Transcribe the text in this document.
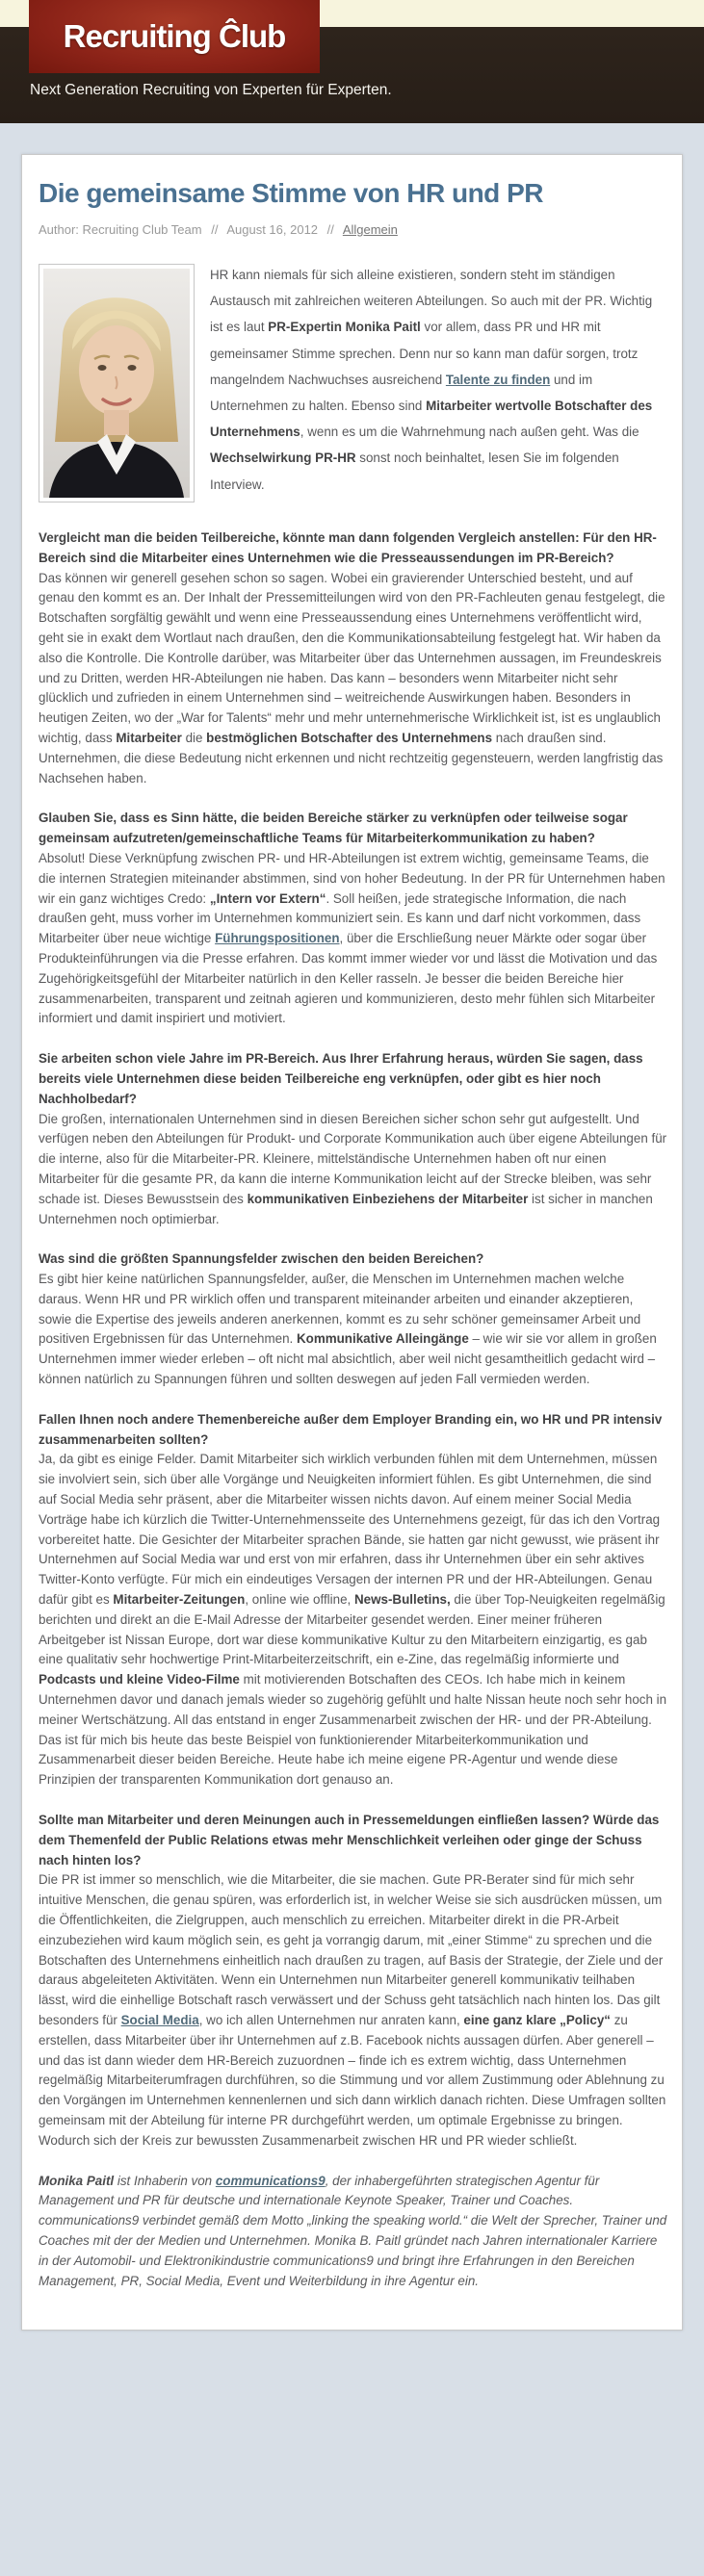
Recruiting Ĉlub
Next Generation Recruiting von Experten für Experten.
Die gemeinsame Stimme von HR und PR
Author: Recruiting Club Team // August 16, 2012 // Allgemein

HR kann niemals für sich alleine existieren, sondern steht im ständigen Austausch mit zahlreichen weiteren Abteilungen. So auch mit der PR. Wichtig ist es laut PR-Expertin Monika Paitl vor allem, dass PR und HR mit gemeinsamer Stimme sprechen. Denn nur so kann man dafür sorgen, trotz mangelndem Nachwuchses ausreichend Talente zu finden und im Unternehmen zu halten. Ebenso sind Mitarbeiter wertvolle Botschafter des Unternehmens, wenn es um die Wahrnehmung nach außen geht. Was die Wechselwirkung PR-HR sonst noch beinhaltet, lesen Sie im folgenden Interview.

Vergleicht man die beiden Teilbereiche, könnte man dann folgenden Vergleich anstellen: Für den HR-Bereich sind die Mitarbeiter eines Unternehmen wie die Presseaussendungen im PR-Bereich?

Das können wir generell gesehen schon so sagen. Wobei ein gravierender Unterschied besteht, und auf genau den kommt es an. Der Inhalt der Pressemitteilungen wird von den PR-Fachleuten genau festgelegt, die Botschaften sorgfältig gewählt und wenn eine Presseaussendung eines Unternehmens veröffentlicht wird, geht sie in exakt dem Wortlaut nach draußen, den die Kommunikationsabteilung festgelegt hat. Wir haben da also die Kontrolle. Die Kontrolle darüber, was Mitarbeiter über das Unternehmen aussagen, im Freundeskreis und zu Dritten, werden HR-Abteilungen nie haben. Das kann – besonders wenn Mitarbeiter nicht sehr glücklich und zufrieden in einem Unternehmen sind – weitreichende Auswirkungen haben. Besonders in heutigen Zeiten, wo der „War for Talents“ mehr und mehr unternehmerische Wirklichkeit ist, ist es unglaublich wichtig, dass Mitarbeiter die bestmöglichen Botschafter des Unternehmens nach draußen sind. Unternehmen, die diese Bedeutung nicht erkennen und nicht rechtzeitig gegensteuern, werden langfristig das Nachsehen haben.

Glauben Sie, dass es Sinn hätte, die beiden Bereiche stärker zu verknüpfen oder teilweise sogar gemeinsam aufzutreten/gemeinschaftliche Teams für Mitarbeiterkommunikation zu haben?

Absolut! Diese Verknüpfung zwischen PR- und HR-Abteilungen ist extrem wichtig, gemeinsame Teams, die die internen Strategien miteinander abstimmen, sind von hoher Bedeutung. In der PR für Unternehmen haben wir ein ganz wichtiges Credo: „Intern vor Extern“. Soll heißen, jede strategische Information, die nach draußen geht, muss vorher im Unternehmen kommuniziert sein. Es kann und darf nicht vorkommen, dass Mitarbeiter über neue wichtige Führungspositionen, über die Erschließung neuer Märkte oder sogar über Produkteinführungen via die Presse erfahren. Das kommt immer wieder vor und lässt die Motivation und das Zugehörigkeitsgefühl der Mitarbeiter natürlich in den Keller rasseln. Je besser die beiden Bereiche hier zusammenarbeiten, transparent und zeitnah agieren und kommunizieren, desto mehr fühlen sich Mitarbeiter informiert und damit inspiriert und motiviert.

Sie arbeiten schon viele Jahre im PR-Bereich. Aus Ihrer Erfahrung heraus, würden Sie sagen, dass bereits viele Unternehmen diese beiden Teilbereiche eng verknüpfen, oder gibt es hier noch Nachholbedarf?

Die großen, internationalen Unternehmen sind in diesen Bereichen sicher schon sehr gut aufgestellt. Und verfügen neben den Abteilungen für Produkt- und Corporate Kommunikation auch über eigene Abteilungen für die interne, also für die Mitarbeiter-PR. Kleinere, mittelständische Unternehmen haben oft nur einen Mitarbeiter für die gesamte PR, da kann die interne Kommunikation leicht auf der Strecke bleiben, was sehr schade ist. Dieses Bewusstsein des kommunikativen Einbeziehens der Mitarbeiter ist sicher in manchen Unternehmen noch optimierbar.

Was sind die größten Spannungsfelder zwischen den beiden Bereichen?

Es gibt hier keine natürlichen Spannungsfelder, außer, die Menschen im Unternehmen machen welche daraus. Wenn HR und PR wirklich offen und transparent miteinander arbeiten und einander akzeptieren, sowie die Expertise des jeweils anderen anerkennen, kommt es zu sehr schöner gemeinsamer Arbeit und positiven Ergebnissen für das Unternehmen. Kommunikative Alleingänge – wie wir sie vor allem in großen Unternehmen immer wieder erleben – oft nicht mal absichtlich, aber weil nicht gesamtheitlich gedacht wird – können natürlich zu Spannungen führen und sollten deswegen auf jeden Fall vermieden werden.

Fallen Ihnen noch andere Themenbereiche außer dem Employer Branding ein, wo HR und PR intensiv zusammenarbeiten sollten?

Ja, da gibt es einige Felder. Damit Mitarbeiter sich wirklich verbunden fühlen mit dem Unternehmen, müssen sie involviert sein, sich über alle Vorgänge und Neuigkeiten informiert fühlen. Es gibt Unternehmen, die sind auf Social Media sehr präsent, aber die Mitarbeiter wissen nichts davon. Auf einem meiner Social Media Vorträge habe ich kürzlich die Twitter-Unternehmensseite des Unternehmens gezeigt, für das ich den Vortrag vorbereitet hatte. Die Gesichter der Mitarbeiter sprachen Bände, sie hatten gar nicht gewusst, wie präsent ihr Unternehmen auf Social Media war und erst von mir erfahren, dass ihr Unternehmen über ein sehr aktives Twitter-Konto verfügte. Für mich ein eindeutiges Versagen der internen PR und der HR-Abteilungen. Genau dafür gibt es Mitarbeiter-Zeitungen, online wie offline, News-Bulletins, die über Top-Neuigkeiten regelmäßig berichten und direkt an die E-Mail Adresse der Mitarbeiter gesendet werden. Einer meiner früheren Arbeitgeber ist Nissan Europe, dort war diese kommunikative Kultur zu den Mitarbeitern einzigartig, es gab eine qualitativ sehr hochwertige Print-Mitarbeiterzeitschrift, ein e-Zine, das regelmäßig informierte und Podcasts und kleine Video-Filme mit motivierenden Botschaften des CEOs. Ich habe mich in keinem Unternehmen davor und danach jemals wieder so zugehörig gefühlt und halte Nissan heute noch sehr hoch in meiner Wertschätzung. All das entstand in enger Zusammenarbeit zwischen der HR- und der PR-Abteilung. Das ist für mich bis heute das beste Beispiel von funktionierender Mitarbeiterkommunikation und Zusammenarbeit dieser beiden Bereiche. Heute habe ich meine eigene PR-Agentur und wende diese Prinzipien der transparenten Kommunikation dort genauso an.

Sollte man Mitarbeiter und deren Meinungen auch in Pressemeldungen einfließen lassen? Würde das dem Themenfeld der Public Relations etwas mehr Menschlichkeit verleihen oder ginge der Schuss nach hinten los?

Die PR ist immer so menschlich, wie die Mitarbeiter, die sie machen. Gute PR-Berater sind für mich sehr intuitive Menschen, die genau spüren, was erforderlich ist, in welcher Weise sie sich ausdrücken müssen, um die Öffentlichkeiten, die Zielgruppen, auch menschlich zu erreichen. Mitarbeiter direkt in die PR-Arbeit einzubeziehen wird kaum möglich sein, es geht ja vorrangig darum, mit „einer Stimme“ zu sprechen und die Botschaften des Unternehmens einheitlich nach draußen zu tragen, auf Basis der Strategie, der Ziele und der daraus abgeleiteten Aktivitäten. Wenn ein Unternehmen nun Mitarbeiter generell kommunikativ teilhaben lässt, wird die einhellige Botschaft rasch verwässert und der Schuss geht tatsächlich nach hinten los. Das gilt besonders für Social Media, wo ich allen Unternehmen nur anraten kann, eine ganz klare „Policy“ zu erstellen, dass Mitarbeiter über ihr Unternehmen auf z.B. Facebook nichts aussagen dürfen. Aber generell – und das ist dann wieder dem HR-Bereich zuzuordnen – finde ich es extrem wichtig, dass Unternehmen regelmäßig Mitarbeiterumfragen durchführen, so die Stimmung und vor allem Zustimmung oder Ablehnung zu den Vorgängen im Unternehmen kennenlernen und sich dann wirklich danach richten. Diese Umfragen sollten gemeinsam mit der Abteilung für interne PR durchgeführt werden, um optimale Ergebnisse zu bringen. Wodurch sich der Kreis zur bewussten Zusammenarbeit zwischen HR und PR wieder schließt.

Monika Paitl ist Inhaberin von communications9, der inhabergeführten strategischen Agentur für Management und PR für deutsche und internationale Keynote Speaker, Trainer und Coaches. communications9 verbindet gemäß dem Motto „linking the speaking world.“ die Welt der Sprecher, Trainer und Coaches mit der der Medien und Unternehmen. Monika B. Paitl gründet nach Jahren internationaler Karriere in der Automobil- und Elektronikindustrie communications9 und bringt ihre Erfahrungen in den Bereichen Management, PR, Social Media, Event und Weiterbildung in ihre Agentur ein.
